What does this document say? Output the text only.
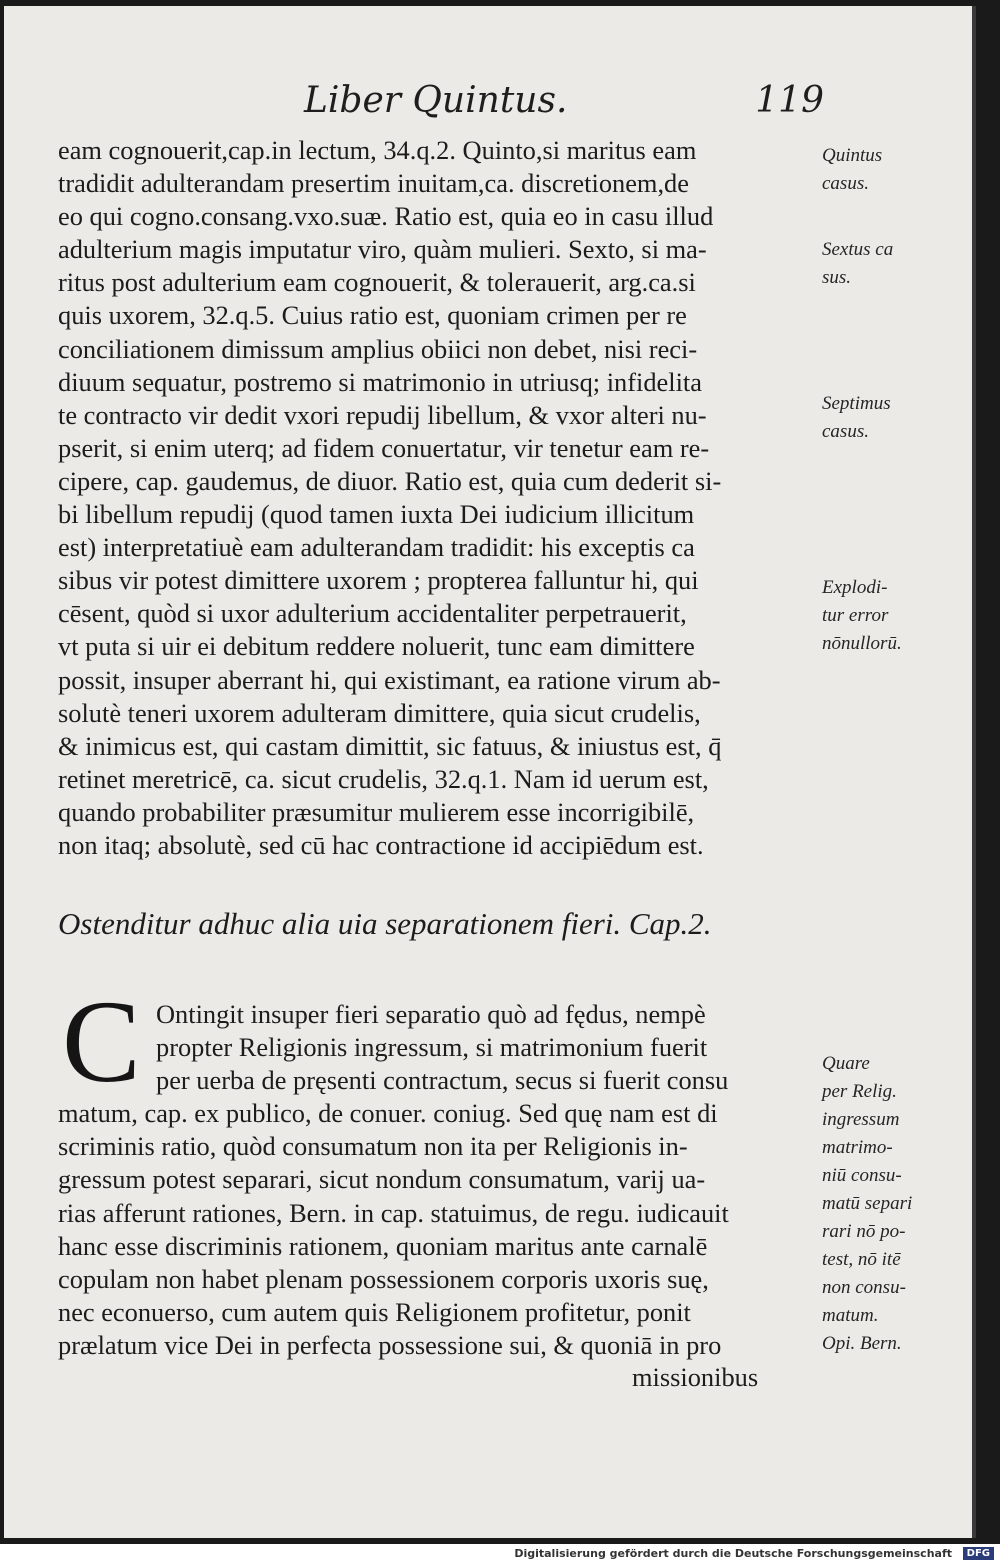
Liber Quintus.	119
eam cognouerit,cap.in lectum, 34.q.2. Quinto,si maritus eam
tradidit adulterandam presertim inuitam,ca. discretionem,de
eo qui cogno.consang.vxo.suæ. Ratio est, quia eo in casu illud
adulterium magis imputatur viro, quàm mulieri. Sexto, si ma-
ritus post adulterium eam cognouerit, & tolerauerit, arg.ca.si
quis uxorem, 32.q.5. Cuius ratio est, quoniam crimen per re
conciliationem dimissum amplius obiici non debet, nisi reci-
diuum sequatur, postremo si matrimonio in utriusq; infidelita
te contracto vir dedit vxori repudij libellum, & vxor alteri nu-
pserit, si enim uterq; ad fidem conuertatur, vir tenetur eam re-
cipere, cap. gaudemus, de diuor. Ratio est, quia cum dederit si-
bi libellum repudij (quod tamen iuxta Dei iudicium illicitum
est) interpretatiuè eam adulterandam tradidit: his exceptis ca
sibus vir potest dimittere uxorem ; propterea falluntur hi, qui
cēsent, quòd si uxor adulterium accidentaliter perpetrauerit,
vt puta si uir ei debitum reddere noluerit, tunc eam dimittere
possit, insuper aberrant hi, qui existimant, ea ratione virum ab-
solutè teneri uxorem adulteram dimittere, quia sicut crudelis,
& inimicus est, qui castam dimittit, sic fatuus, & iniustus est, q̄
retinet meretricē, ca. sicut crudelis, 32.q.1. Nam id uerum est,
quando probabiliter præsumitur mulierem esse incorrigibilē,
non itaq; absolutè, sed cū hac contractione id accipiēdum est.
Ostenditur adhuc alia uia separationem fieri. Cap.2.
C Ontingit insuper fieri separatio quò ad fędus, nempè
propter Religionis ingressum, si matrimonium fuerit
per uerba de pręsenti contractum, secus si fuerit consu
matum, cap. ex publico, de conuer. coniug. Sed quę nam est di
scriminis ratio, quòd consumatum non ita per Religionis in-
gressum potest separari, sicut nondum consumatum, varij ua-
rias afferunt rationes, Bern. in cap. statuimus, de regu. iudicauit
hanc esse discriminis rationem, quoniam maritus ante carnalē
copulam non habet plenam possessionem corporis uxoris suę,
nec econuerso, cum autem quis Religionem profitetur, ponit
prælatum vice Dei in perfecta possessione sui, & quoniā in pro
missionibus
Quintus
casus.
Sextus ca
sus.
Septimus
casus.
Explodi-
tur error
nōnullorū.
Quare
per Relig.
ingressum
matrimo-
niū consu-
matū separi
rari nō po-
test, nō itē
non consu-
matum.
Opi. Bern.
Digitalisierung gefördert durch die Deutsche Forschungsgemeinschaft	DFG
